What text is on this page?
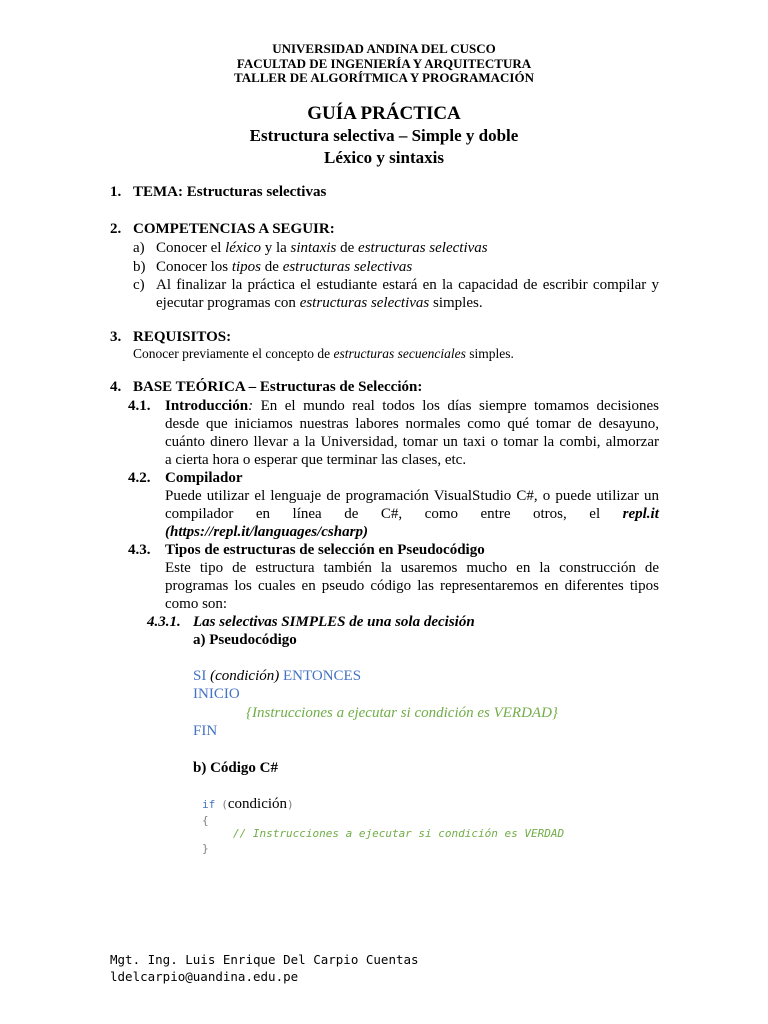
UNIVERSIDAD ANDINA DEL CUSCO
FACULTAD DE INGENIERÍA Y ARQUITECTURA
TALLER DE ALGORÍTMICA Y PROGRAMACIÓN
GUÍA PRÁCTICA
Estructura selectiva – Simple y doble
Léxico y sintaxis
1. TEMA: Estructuras selectivas
2. COMPETENCIAS A SEGUIR:
a) Conocer el léxico y la sintaxis de estructuras selectivas
b) Conocer los tipos de estructuras selectivas
c) Al finalizar la práctica el estudiante estará en la capacidad de escribir compilar y
ejecutar programas con estructuras selectivas simples.
3. REQUISITOS:
Conocer previamente el concepto de estructuras secuenciales simples.
4. BASE TEÓRICA – Estructuras de Selección:
4.1. Introducción: En el mundo real todos los días siempre tomamos decisiones
desde que iniciamos nuestras labores normales como qué tomar de desayuno,
cuánto dinero llevar a la Universidad, tomar un taxi o tomar la combi, almorzar
a cierta hora o esperar que terminar las clases, etc.
4.2. Compilador
Puede utilizar el lenguaje de programación VisualStudio C#, o puede utilizar un
compilador en línea de C#, como entre otros, el repl.it
(https://repl.it/languages/csharp)
4.3. Tipos de estructuras de selección en Pseudocódigo
Este tipo de estructura también la usaremos mucho en la construcción de
programas los cuales en pseudo código las representaremos en diferentes tipos
como son:
4.3.1. Las selectivas SIMPLES de una sola decisión
a) Pseudocódigo
SI (condición) ENTONCES
INICIO
{Instrucciones a ejecutar si condición es VERDAD}
FIN
b) Código C#
if (condición)
{
// Instrucciones a ejecutar si condición es VERDAD
}
Mgt. Ing. Luis Enrique Del Carpio Cuentas
ldelcarpio@uandina.edu.pe
